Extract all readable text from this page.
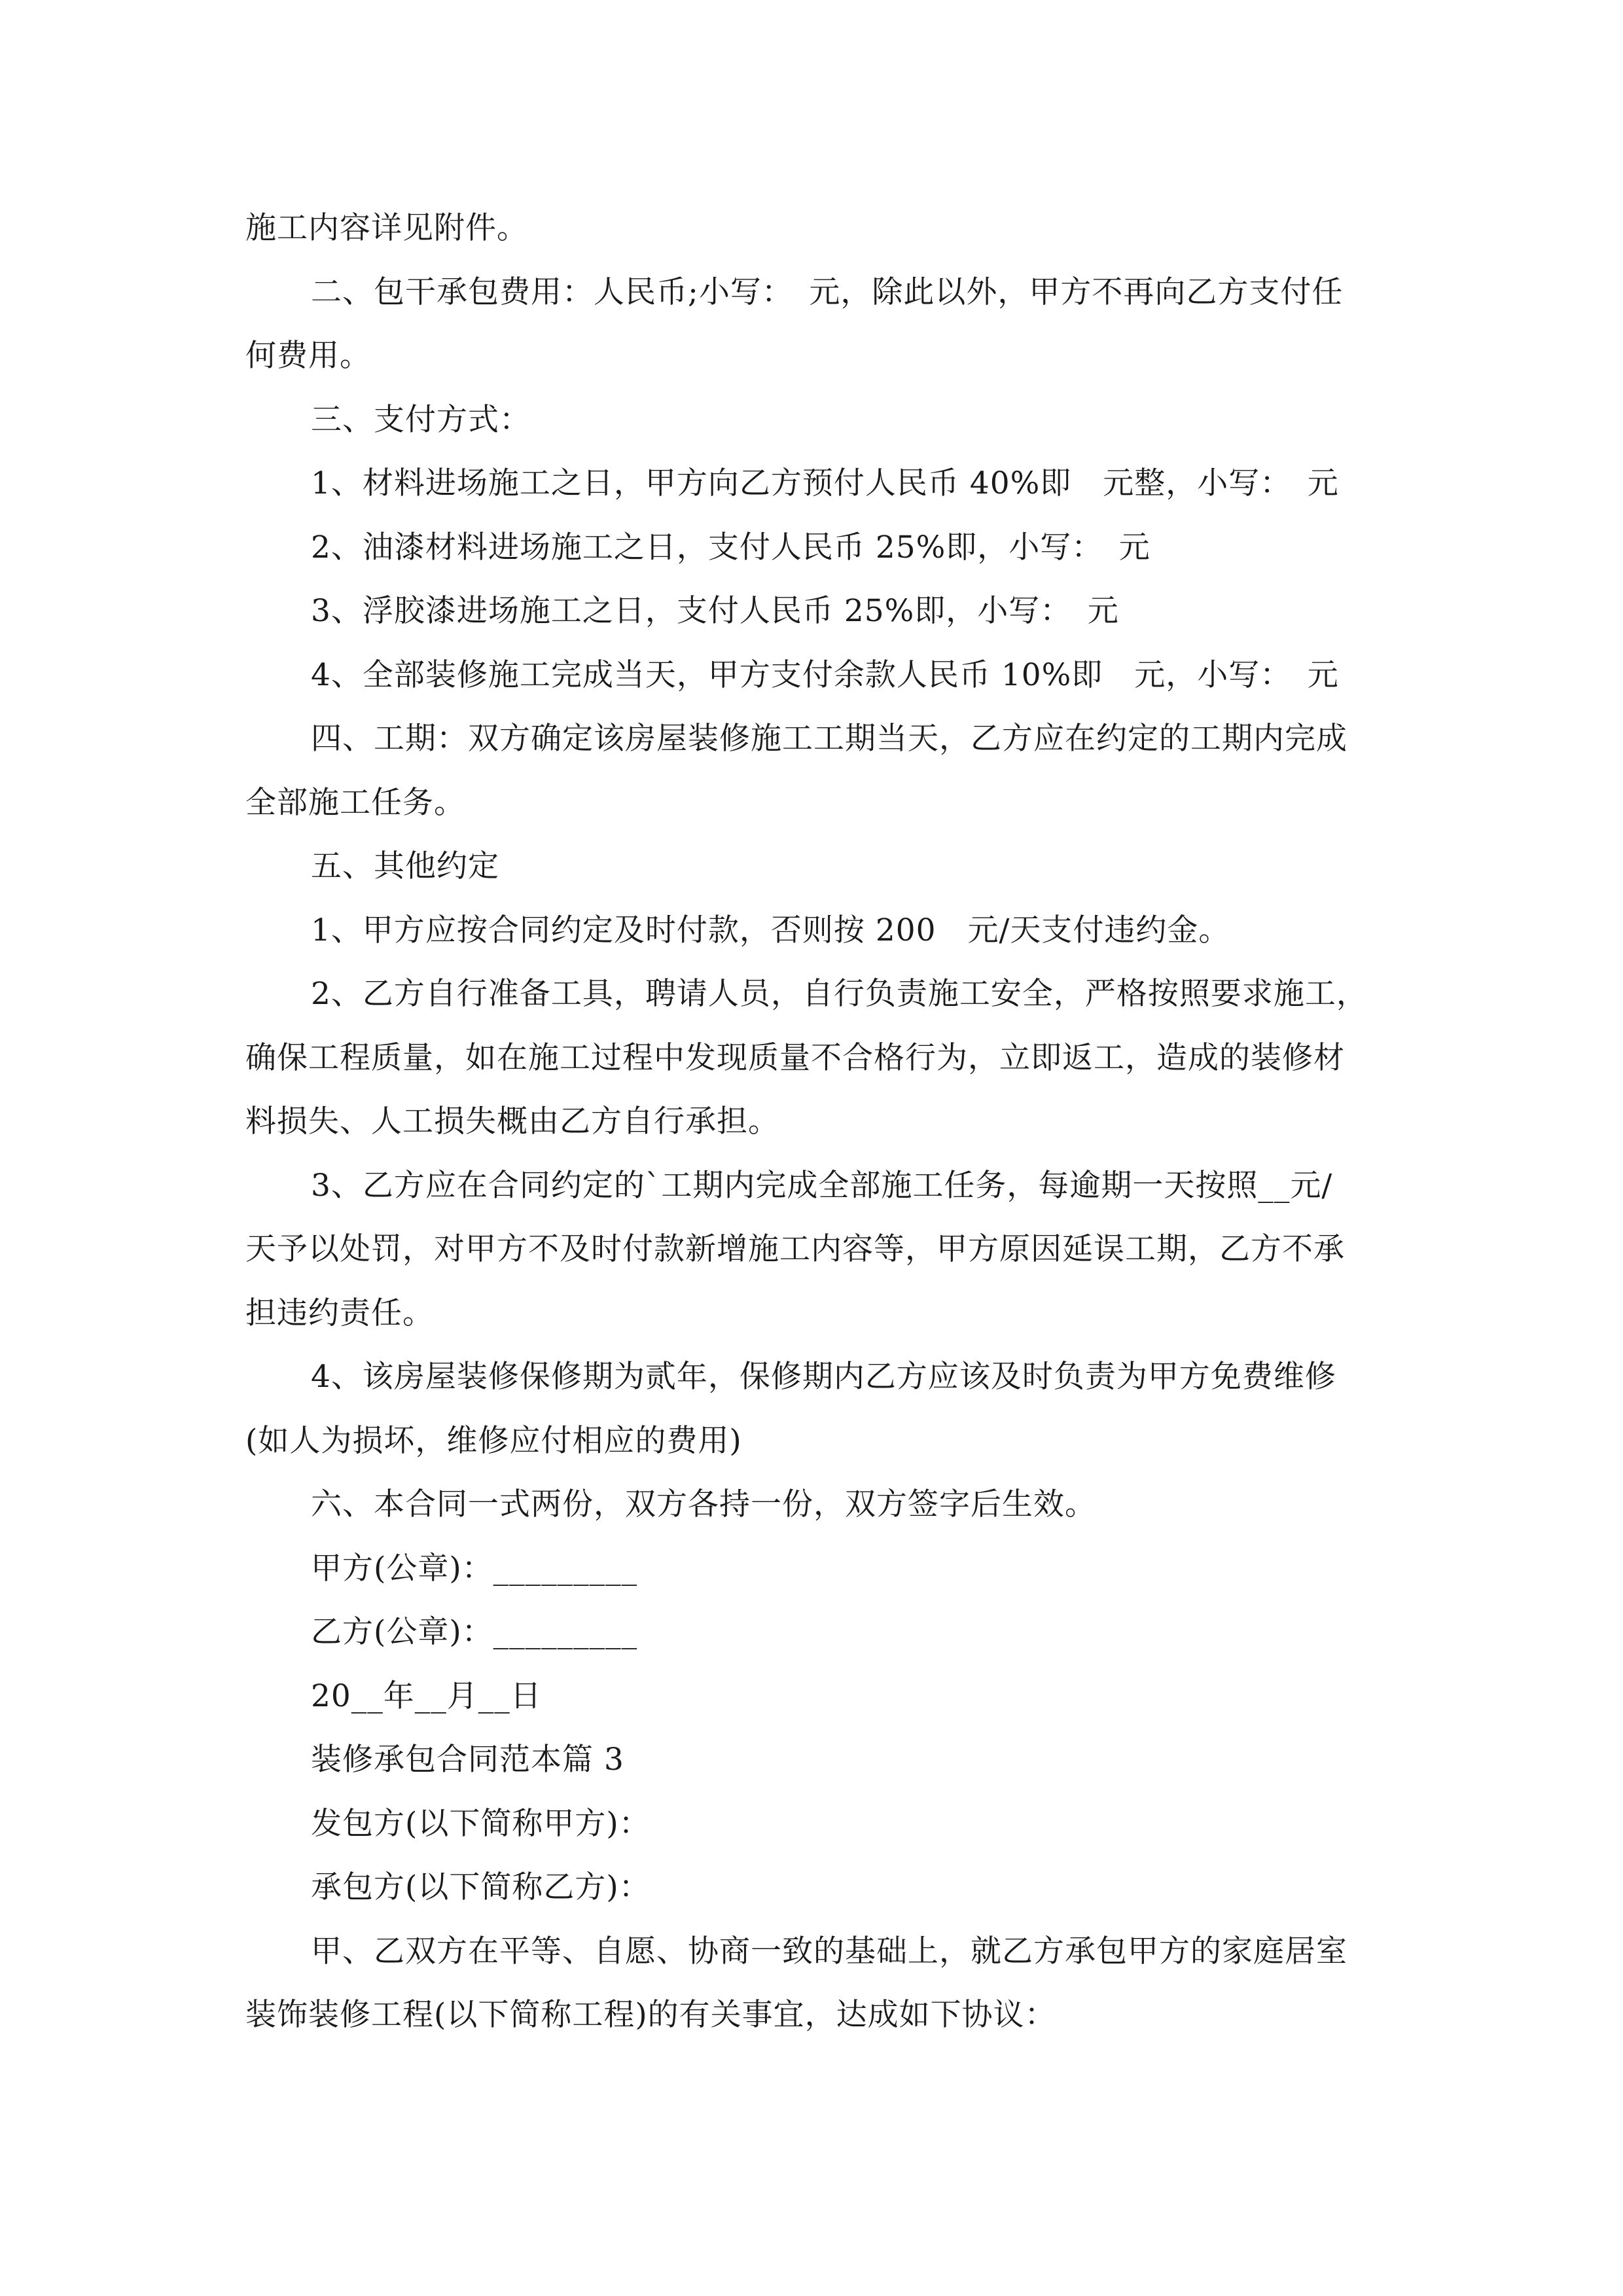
施工内容详见附件。

二、包干承包费用：人民币;小写：　元，除此以外，甲方不再向乙方支付任

何费用。

三、支付方式：

1、材料进场施工之日，甲方向乙方预付人民币 40%即　元整，小写：　元

2、油漆材料进场施工之日，支付人民币 25%即，小写：　元

3、浮胶漆进场施工之日，支付人民币 25%即，小写：　元

4、全部装修施工完成当天，甲方支付余款人民币 10%即　元，小写：　元

四、工期：双方确定该房屋装修施工工期当天，乙方应在约定的工期内完成

全部施工任务。

五、其他约定

1、甲方应按合同约定及时付款，否则按 200　元/天支付违约金。

2、乙方自行准备工具，聘请人员，自行负责施工安全，严格按照要求施工，

确保工程质量，如在施工过程中发现质量不合格行为，立即返工，造成的装修材

料损失、人工损失概由乙方自行承担。

3、乙方应在合同约定的`工期内完成全部施工任务，每逾期一天按照__元/

天予以处罚，对甲方不及时付款新增施工内容等，甲方原因延误工期，乙方不承

担违约责任。

4、该房屋装修保修期为贰年，保修期内乙方应该及时负责为甲方免费维修

(如人为损坏，维修应付相应的费用)

六、本合同一式两份，双方各持一份，双方签字后生效。

甲方(公章)：_________

乙方(公章)：_________

20__年__月__日

装修承包合同范本篇 3

发包方(以下简称甲方)：

承包方(以下简称乙方)：

甲、乙双方在平等、自愿、协商一致的基础上，就乙方承包甲方的家庭居室

装饰装修工程(以下简称工程)的有关事宜，达成如下协议：
